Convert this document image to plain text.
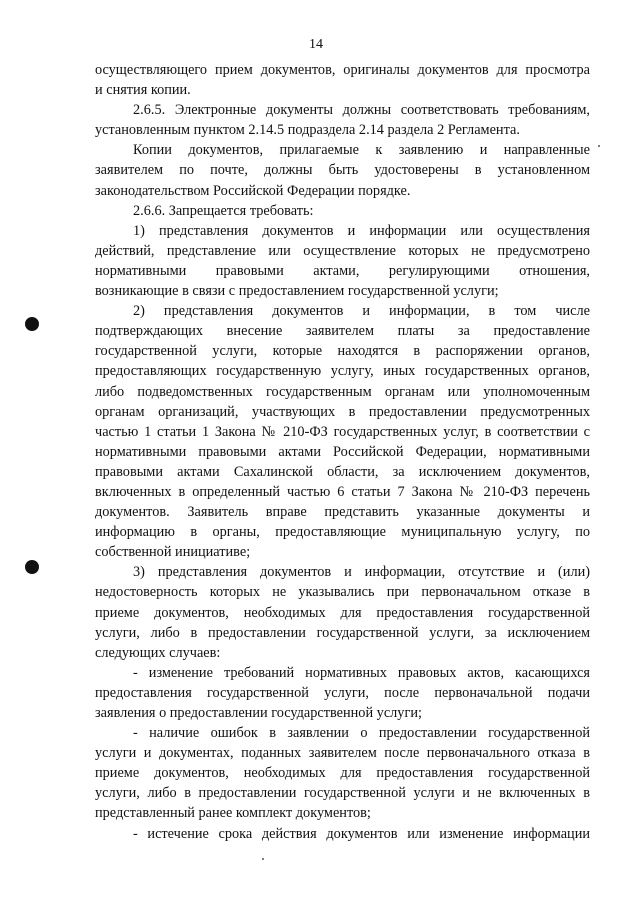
14
осуществляющего прием документов, оригиналы документов для просмотра
и снятия копии.
2.6.5. Электронные документы должны соответствовать требованиям,
установленным пунктом 2.14.5 подраздела 2.14 раздела 2 Регламента.
Копии документов, прилагаемые к заявлению и направленные
заявителем по почте, должны быть удостоверены в установленном
законодательством Российской Федерации порядке.
2.6.6. Запрещается требовать:
1) представления документов и информации или осуществления
действий, представление или осуществление которых не предусмотрено
нормативными правовыми актами, регулирующими отношения,
возникающие в связи с предоставлением государственной услуги;
2) представления документов и информации, в том числе
подтверждающих внесение заявителем платы за предоставление
государственной услуги, которые находятся в распоряжении органов,
предоставляющих государственную услугу, иных государственных органов,
либо подведомственных государственным органам или уполномоченным
органам организаций, участвующих в предоставлении предусмотренных
частью 1 статьи 1 Закона № 210-ФЗ государственных услуг, в соответствии с
нормативными правовыми актами Российской Федерации, нормативными
правовыми актами Сахалинской области, за исключением документов,
включенных в определенный частью 6 статьи 7 Закона № 210-ФЗ перечень
документов. Заявитель вправе представить указанные документы и
информацию в органы, предоставляющие муниципальную услугу, по
собственной инициативе;
3) представления документов и информации, отсутствие и (или)
недостоверность которых не указывались при первоначальном отказе в
приеме документов, необходимых для предоставления государственной
услуги, либо в предоставлении государственной услуги, за исключением
следующих случаев:
- изменение требований нормативных правовых актов, касающихся
предоставления государственной услуги, после первоначальной подачи
заявления о предоставлении государственной услуги;
- наличие ошибок в заявлении о предоставлении государственной
услуги и документах, поданных заявителем после первоначального отказа в
приеме документов, необходимых для предоставления государственной
услуги, либо в предоставлении государственной услуги и не включенных в
представленный ранее комплект документов;
- истечение срока действия документов или изменение информации
